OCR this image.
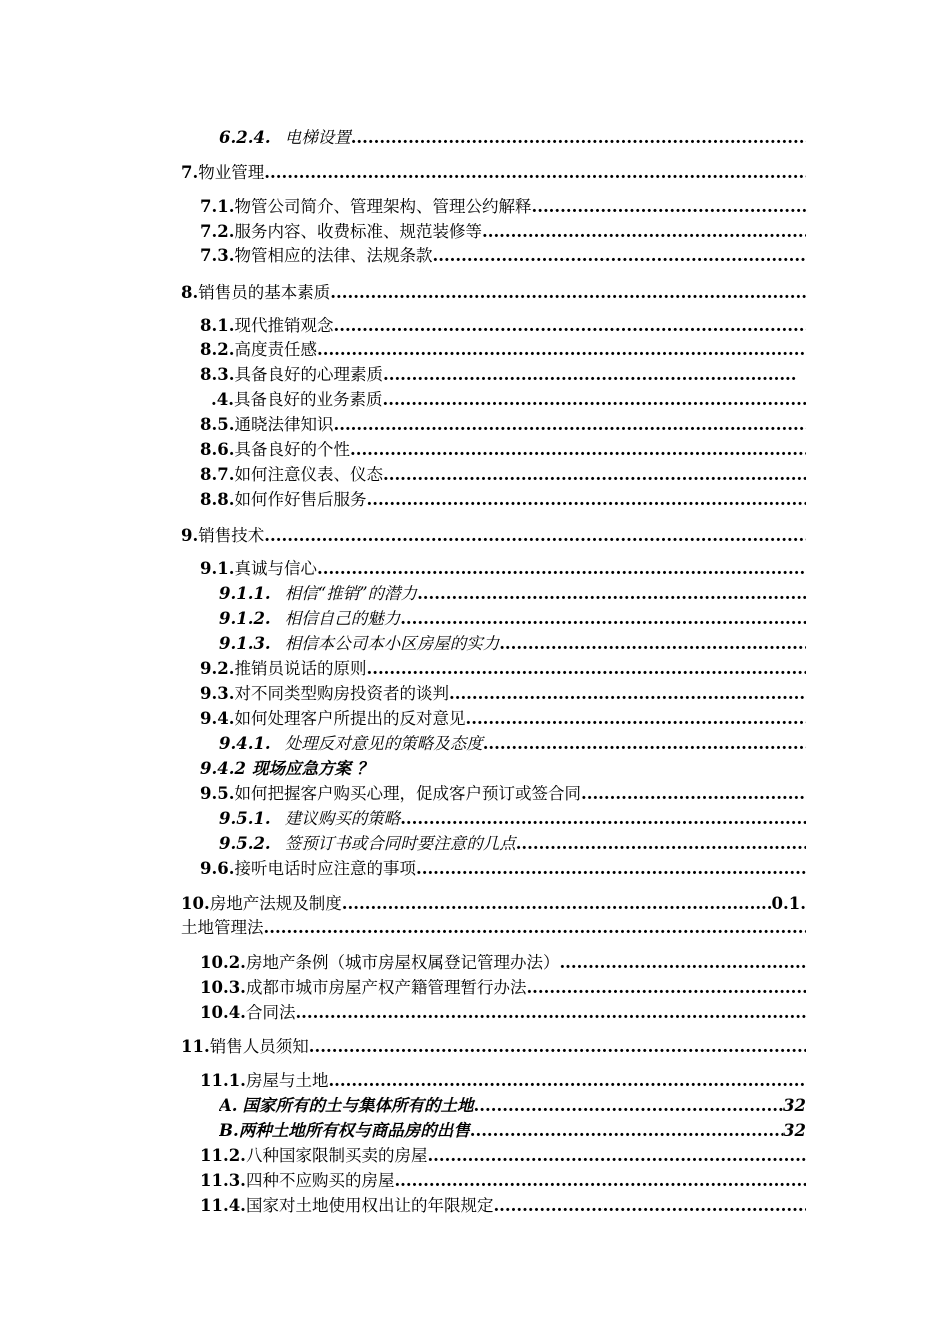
6.2.4. 电梯设置
.....
7. 物业管理
.....
7.1. 物管公司简介、管理架构、管理公约解释
.....
7.2. 服务内容、收费标准、规范装修等
.....
7.3. 物管相应的法律、法规条款
.....
8. 销售员的基本素质
.....
8.1. 现代推销观念
.....
8.2. 高度责任感
.....
8.3. 具备良好的心理素质
.....
.4. 具备良好的业务素质
.....
8.5. 通晓法律知识
.....
8.6. 具备良好的个性
.....
8.7. 如何注意仪表、仪态
.....
8.8. 如何作好售后服务
.....
9. 销售技术
.....
9.1. 真诚与信心
.....
9.1.1. 相信“推销”的潜力
.....
9.1.2. 相信自己的魅力
.....
9.1.3. 相信本公司本小区房屋的实力
.....
9.2. 推销员说话的原则
.....
9.3. 对不同类型购房投资者的谈判
.....
9.4. 如何处理客户所提出的反对意见
.....
9.4.1. 处理反对意见的策略及态度
.....
9.4.2 现场应急方案 ？
9.5. 如何把握客户购买心理，促成客户预订或签合同
.....
9.5.1. 建议购买的策略
.....
9.5.2. 签预订书或合同时要注意的几点
.....
9.6. 接听电话时应注意的事项
.....
10. 房地产法规及制度 .....	0.1.
土地管理法
.....
10.2. 房地产条例（城市房屋权属登记管理办法）
.....
10.3. 成都市城市房屋产权产籍管理暂行办法
.....
10.4. 合同法
.....
11. 销售人员须知
.....
11.1. 房屋与土地
.....
A. 国家所有的土与集体所有的土地 .....	32
B. 两种土地所有权与商品房的出售 .....	32
11.2. 八种国家限制买卖的房屋
.....
11.3. 四种不应购买的房屋
.....
11.4. 国家对土地使用权出让的年限规定
.....
